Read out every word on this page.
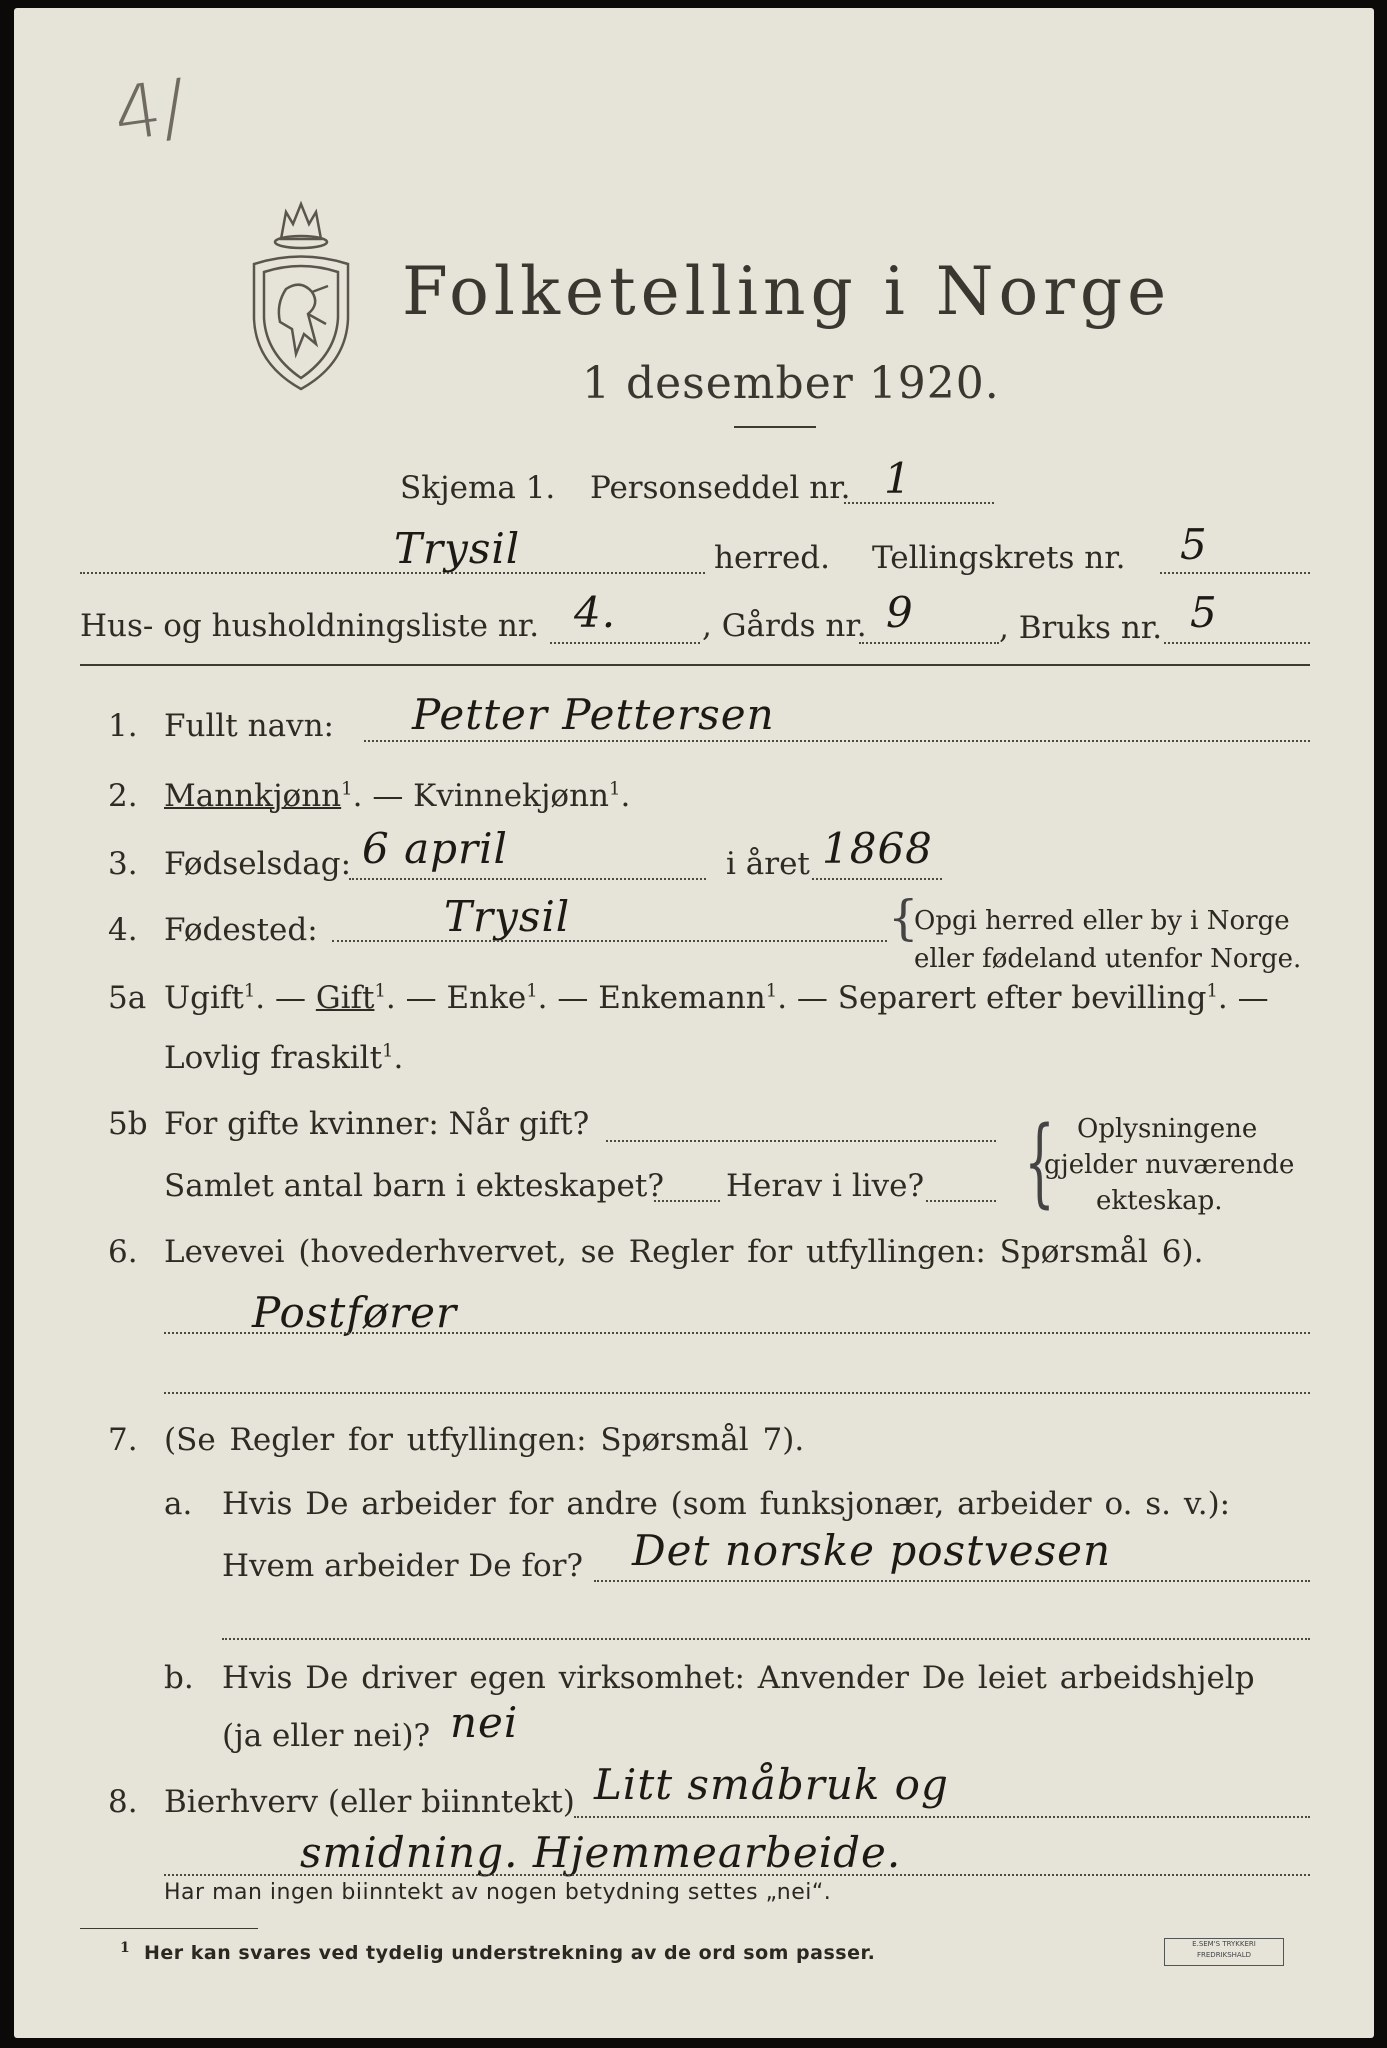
4/
Folketelling i Norge
1 desember 1920.
Skjema 1. Personseddel nr. 1
Trysil	herred. Tellingskrets nr. 5
Hus- og husholdningsliste nr. 4.	, Gårds nr. 9	, Bruks nr. 5
1. Fullt navn: Petter Pettersen
2. Mannkjønn$^1$. — Kvinnekjønn$^1$.
3. Fødselsdag: 6 april	i året 1868
4. Fødested:	Trysil	{
Opgi herred eller by i Norge
eller fødeland utenfor Norge.
5a Ugift$^1$. — Gift$^1$. — Enke$^1$. — Enkemann$^1$. — Separert efter bevilling$^1$. —
Lovlig fraskilt$^1$.
5b For gifte kvinner: Når gift?
Samlet antal barn i ekteskapet? Herav i live? { Oplysningene
gjelder nuværende
ekteskap.
6. Levevei (hovederhvervet, se Regler for utfyllingen: Spørsmål 6).
Postfører
7. (Se Regler for utfyllingen: Spørsmål 7).
a. Hvis De arbeider for andre (som funksjonær, arbeider o. s. v.):
Hvem arbeider De for? Det norske postvesen
b. Hvis De driver egen virksomhet: Anvender De leiet arbeidshjelp
(ja eller nei)? nei
8. Bierhverv (eller biinntekt) Litt småbruk og
smidning. Hjemmearbeide.
Har man ingen biinntekt av nogen betydning settes „nei“.
1 Her kan svares ved tydelig understrekning av de ord som passer.	E.SEM'S TRYKKERI
FREDRIKSHALD
